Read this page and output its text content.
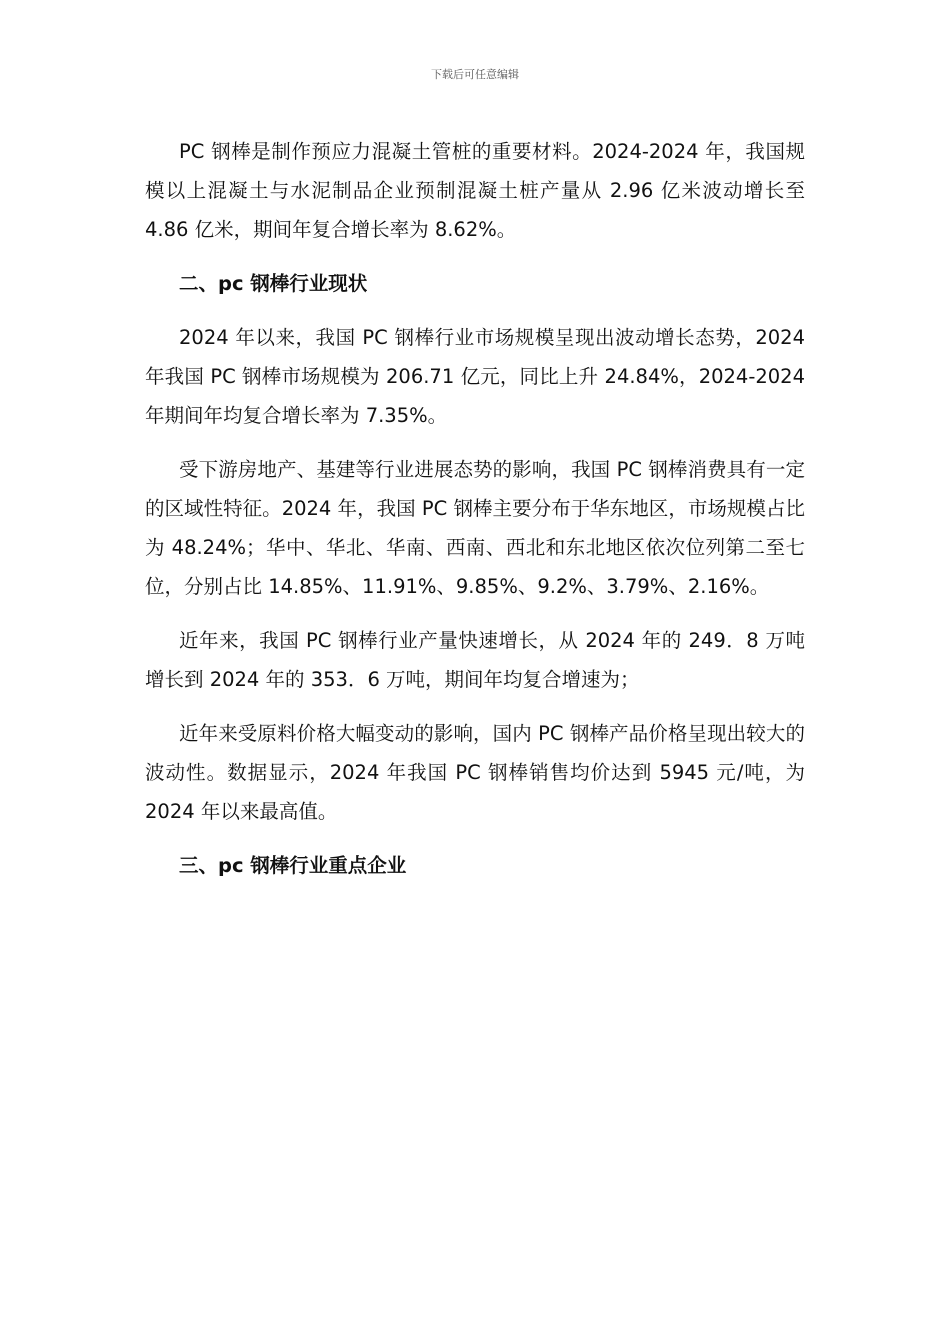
下载后可任意编辑

PC 钢棒是制作预应力混凝土管桩的重要材料。2024-2024 年，我国规模以上混凝土与水泥制品企业预制混凝土桩产量从 2.96 亿米波动增长至 4.86 亿米，期间年复合增长率为 8.62%。

二、pc 钢棒行业现状

2024 年以来，我国 PC 钢棒行业市场规模呈现出波动增长态势，2024 年我国 PC 钢棒市场规模为 206.71 亿元，同比上升 24.84%，2024-2024 年期间年均复合增长率为 7.35%。

受下游房地产、基建等行业进展态势的影响，我国 PC 钢棒消费具有一定的区域性特征。2024 年，我国 PC 钢棒主要分布于华东地区，市场规模占比为 48.24%；华中、华北、华南、西南、西北和东北地区依次位列第二至七位，分别占比 14.85%、11.91%、9.85%、9.2%、3.79%、2.16%。

近年来，我国 PC 钢棒行业产量快速增长，从 2024 年的 249．8 万吨增长到 2024 年的 353．6 万吨，期间年均复合增速为；

近年来受原料价格大幅变动的影响，国内 PC 钢棒产品价格呈现出较大的波动性。数据显示，2024 年我国 PC 钢棒销售均价达到 5945 元/吨，为 2024 年以来最高值。

三、pc 钢棒行业重点企业
